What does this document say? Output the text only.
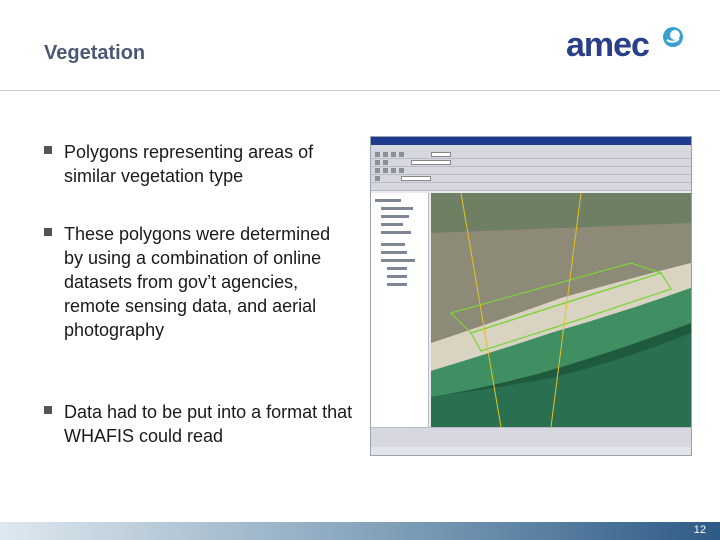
Vegetation	amec
Polygons representing areas of similar vegetation type
These polygons were determined by using a combination of online datasets from gov’t agencies, remote sensing data, and aerial photography
Data had to be put into a format that WHAFIS could read
12
